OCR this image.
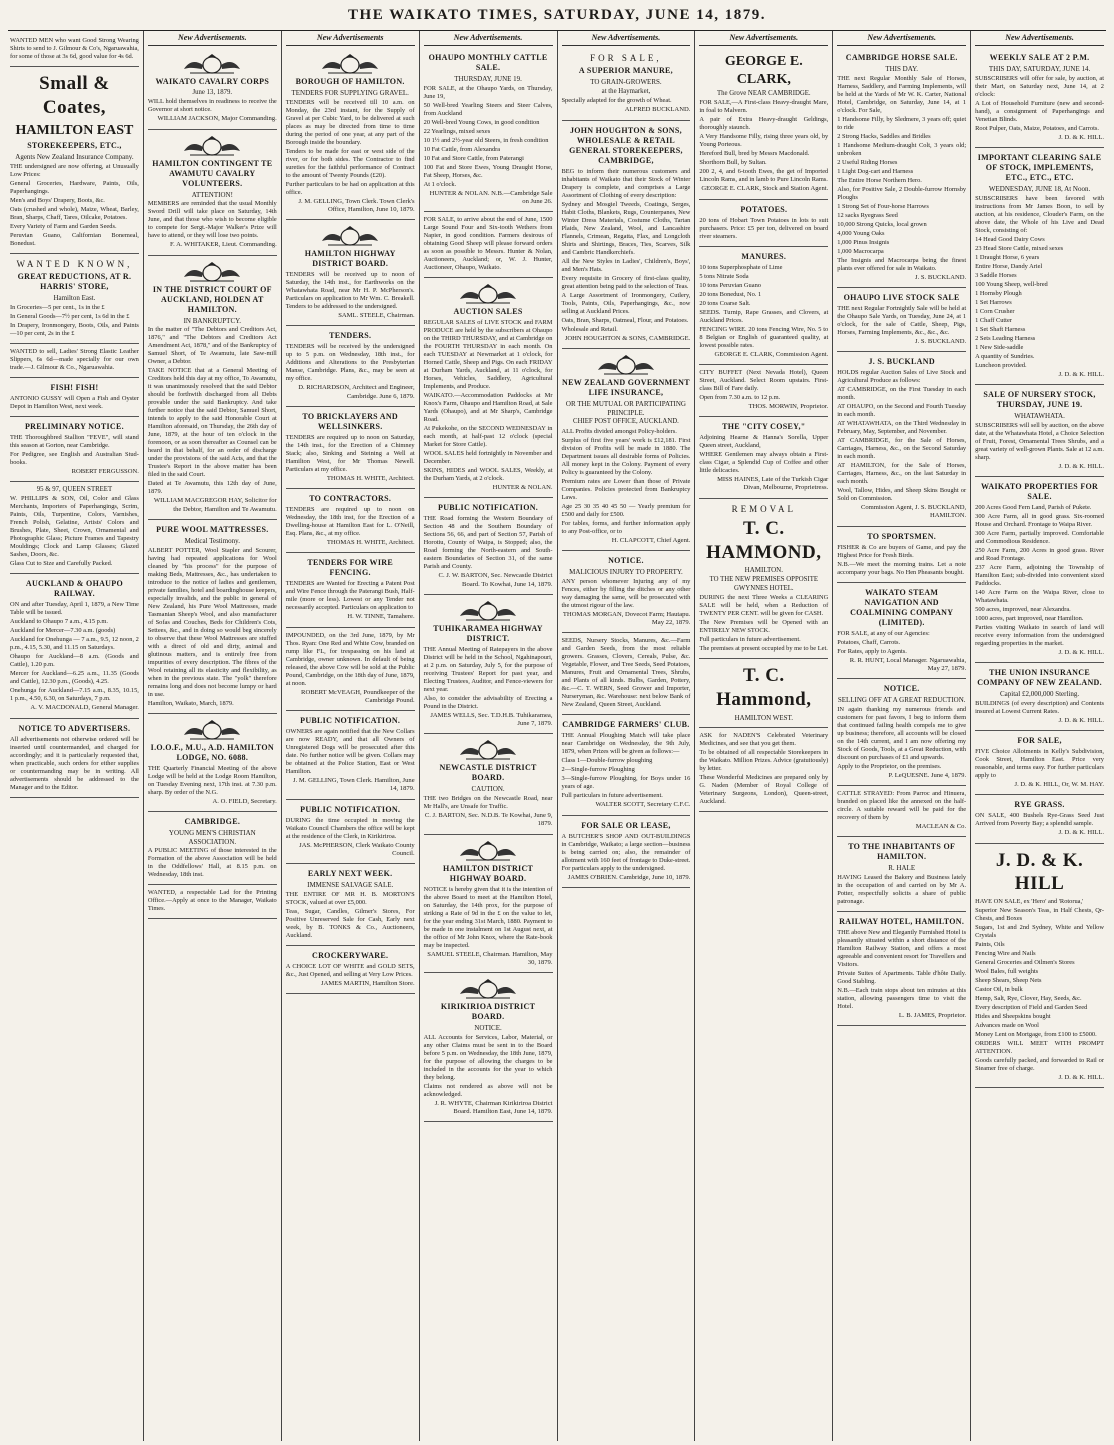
THE WAIKATO TIMES, SATURDAY, JUNE 14, 1879.

WANTED MEN who want Good Strong Wearing Shirts to send to J. Gilmour & Co's, Ngaruawahia, for some of those at 3s 6d, good value for 4s 6d.

Small & Coates,
HAMILTON EAST
STOREKEEPERS, ETC.,
Agents New Zealand Insurance Company.

THE undersigned are now offering, at Unusually Low Prices:

General Groceries, Hardware, Paints, Oils, Paperhangings.

Men's and Boys' Drapery, Boots, &c.

Oats (crushed and whole), Maize, Wheat, Barley, Bran, Sharps, Chaff, Tares, Oilcake, Potatoes.

Every Variety of Farm and Garden Seeds.

Peruvian Guano, Californian Bonemeal, Bonedust.

WANTED KNOWN,
GREAT REDUCTIONS, AT R. HARRIS' STORE,
Hamilton East.

In Groceries—5 per cent., 1s in the £

In General Goods—7½ per cent, 1s 6d in the £

In Drapery, Ironmongery, Boots, Oils, and Paints—10 per cent, 2s in the £

WANTED to sell, Ladies' Strong Elastic Leather Slippers, 6s 6d—made specially for our own trade.—J. Gilmour & Co., Ngaruawahia.

FISH! FISH!

ANTONIO GUSSY will Open a Fish and Oyster Depot in Hamilton West, next week.

PRELIMINARY NOTICE.

THE Thoroughbred Stallion "FEVE", will stand this season at Gorton, near Cambridge.

For Pedigree, see English and Australian Stud-books.

ROBERT FERGUSSON.
95 & 97, QUEEN STREET

W. PHILLIPS & SON, Oil, Color and Glass Merchants, Importers of Paperhangings, Scrim, Paints, Oils, Turpentine, Colors, Varnishes, French Polish, Gelatine, Artists' Colors and Brushes, Plate, Sheet, Crown, Ornamental and Photographic Glass; Picture Frames and Tapestry Mouldings; Clock and Lamp Glasses; Glazed Sashes, Doors, &c.

Glass Cut to Size and Carefully Packed.

AUCKLAND & OHAUPO RAILWAY.

ON and after Tuesday, April 1, 1879, a New Time Table will be issued.

Auckland to Ohaupo 7 a.m., 4.15 p.m.

Auckland for Mercer—7.30 a.m. (goods)

Auckland for Onehunga — 7 a.m., 9.5, 12 noon, 2 p.m., 4.15, 5.30, and 11.15 on Saturdays.

Ohaupo for Auckland—8 a.m. (Goods and Cattle), 1.20 p.m.

Mercer for Auckland—6.25 a.m., 11.35 (Goods and Cattle), 12.30 p.m., (Goods), 4.25.

Onehunga for Auckland—7.15 a.m., 8.35, 10.15, 1 p.m., 4.50, 6.30, on Saturdays, 7 p.m.

A. V. MACDONALD, General Manager.
NOTICE TO ADVERTISERS.

All advertisements not otherwise ordered will be inserted until countermanded, and charged for accordingly; and it is particularly requested that, when practicable, such orders for either supplies or countermanding may be in writing. All advertisements should be addressed to the Manager and to the Editor.

New Advertisements.
WAIKATO CAVALRY CORPS
June 13, 1879.

WILL hold themselves in readiness to receive the Governor at short notice.

WILLIAM JACKSON, Major Commanding.
HAMILTON CONTINGENT TE AWAMUTU CAVALRY VOLUNTEERS.
ATTENTION!

MEMBERS are reminded that the usual Monthly Sword Drill will take place on Saturday, 14th June, and that those who wish to become eligible to compete for Sergt.-Major Walker's Prize will have to attend, or they will lose two points.

F. A. WHITAKER, Lieut. Commanding.
IN THE DISTRICT COURT OF AUCKLAND, HOLDEN AT HAMILTON.
IN BANKRUPTCY.

In the matter of "The Debtors and Creditors Act, 1876," and "The Debtors and Creditors Act Amendment Act, 1878," and of the Bankruptcy of Samuel Short, of Te Awamutu, late Saw-mill Owner, a Debtor.

TAKE NOTICE that at a General Meeting of Creditors held this day at my office, To Awamutu, it was unanimously resolved that the said Debtor should be forthwith discharged from all Debts provable under the said Bankruptcy. And take further notice that the said Debtor, Samuel Short, intends to apply to the said Honorable Court at Hamilton aforesaid, on Thursday, the 26th day of June, 1879, at the hour of ten o'clock in the forenoon, or as soon thereafter as Counsel can be heard in that behalf, for an order of discharge under the provisions of the said Acts, and that the Trustee's Report in the above matter has been filed in the said Court.

Dated at Te Awamutu, this 12th day of June, 1879.

WILLIAM MACGREGOR HAY, Solicitor for the Debtor, Hamilton and Te Awamutu.
PURE WOOL MATTRESSES.
Medical Testimony.

ALBERT POTTER, Wool Stapler and Scourer, having had repeated applications for Wool cleaned by "his process" for the purpose of making Beds, Mattresses, &c., has undertaken to introduce to the notice of ladies and gentlemen, private families, hotel and boardinghouse keepers, especially invalids, and the public in general of New Zealand, his Pure Wool Mattresses, made Tasmanian Sheep's Wool, and also manufacturer of Sofas and Couches, Beds for Children's Cots, Settees, &c., and in doing so would beg sincerely to observe that these Wool Mattresses are stuffed with a direct of old and dirty, animal and glutinous matters, and is entirely free from impurities of every description. The fibres of the Wool retaining all its elasticity and flexibility, as when in the previous state. The "yolk" therefore remains long and does not become lumpy or hard in use.

Hamilton, Waikato, March, 1879.

I.O.O.F., M.U., A.D. HAMILTON LODGE, NO. 6088.

THE Quarterly Financial Meeting of the above Lodge will be held at the Lodge Room Hamilton, on Tuesday Evening next, 17th inst. at 7.30 p.m. sharp. By order of the N.G.

A. O. FIELD, Secretary.
CAMBRIDGE.
YOUNG MEN'S CHRISTIAN ASSOCIATION.

A PUBLIC MEETING of those interested in the Formation of the above Association will be held in the Oddfellows' Hall, at 8.15 p.m. on Wednesday, 18th inst.

WANTED, a respectable Lad for the Printing Office.—Apply at once to the Manager, Waikato Times.

New Advertisements
BOROUGH OF HAMILTON.
TENDERS FOR SUPPLYING GRAVEL.

TENDERS will be received till 10 a.m. on Monday, the 23rd instant, for the Supply of Gravel at per Cubic Yard, to be delivered at such places as may be directed from time to time during the period of one year, at any part of the Borough inside the boundary.

Tenders to be made for east or west side of the river, or for both sides. The Contractor to find sureties for the faithful performance of Contract to the amount of Twenty Pounds (£20).

Further particulars to be had on application at this office.

J. M. GELLING, Town Clerk. Town Clerk's Office, Hamilton, June 10, 1879.
HAMILTON HIGHWAY DISTRICT BOARD.

TENDERS will be received up to noon of Saturday, the 14th inst., for Earthworks on the Whatawhata Road, near Mr H. P. McPherson's. Particulars on application to Mr Wm. C. Breakell. Tenders to be addressed to the undersigned.

SAML. STEELE, Chairman.
TENDERS.

TENDERS will be received by the undersigned up to 5 p.m. on Wednesday, 18th inst., for Additions and Alterations to the Presbyterian Manse, Cambridge. Plans, &c., may be seen at my office.

D. RICHARDSON, Architect and Engineer, Cambridge. June 6, 1879.
TO BRICKLAYERS AND WELLSINKERS.

TENDERS are required up to noon on Saturday, the 14th inst., for the Erection of a Chimney Stack; also, Sinking and Steining a Well at Hamilton West, for Mr Thomas Newell. Particulars at my office.

THOMAS H. WHITE, Architect.
TO CONTRACTORS.

TENDERS are required up to noon on Wednesday, the 18th inst, for the Erection of a Dwelling-house at Hamilton East for L. O'Neill, Esq. Plans, &c., at my office.

THOMAS H. WHITE, Architect.
TENDERS FOR WIRE FENCING.

TENDERS are Wanted for Erecting a Patent Post and Wire Fence through the Paterangi Bush, Half-mile (more or less). Lowest or any Tender not necessarily accepted. Particulars on application to

H. W. TINNE, Tamahere.

IMPOUNDED, on the 3rd June, 1879, by Mr Thos. Ryan: One Red and White Cow, branded on rump like FL, for trespassing on his land at Cambridge, owner unknown. In default of being released, the above Cow will be sold at the Public Pound, Cambridge, on the 18th day of June, 1879, at noon.

ROBERT McVEAGH, Poundkeeper of the Cambridge Pound.
PUBLIC NOTIFICATION.

OWNERS are again notified that the New Collars are now READY, and that all Owners of Unregistered Dogs will be prosecuted after this date. No further notice will be given. Collars may be obtained at the Police Station, East or West Hamilton.

J. M. GELLING, Town Clerk. Hamilton, June 14, 1879.
PUBLIC NOTIFICATION.

DURING the time occupied in moving the Waikato Council Chambers the office will be kept at the residence of the Clerk, in Kirikiriroa.

JAS. McPHERSON, Clerk Waikato County Council.
EARLY NEXT WEEK.
IMMENSE SALVAGE SALE.

THE ENTIRE OF MR H. B. MORTON'S STOCK, valued at over £5,000.

Teas, Sugar, Candles, Gilmer's Stores, For Positive Unreserved Sale for Cash, Early next week, by B. TONKS & Co., Auctioneers, Auckland.

CROCKERYWARE.

A CHOICE LOT OF WHITE and GOLD SETS, &c., Just Opened, and selling at Very Low Prices.

JAMES MARTIN, Hamilton Store.
New Advertisements.
OHAUPO MONTHLY CATTLE SALE.
THURSDAY, JUNE 19.

FOR SALE, at the Ohaupo Yards, on Thursday, June 19,

50 Well-bred Yearling Steers and Steer Calves, from Auckland

20 Well-bred Young Cows, in good condition

22 Yearlings, mixed sexes

10 1½ and 2½-year old Steers, in fresh condition

10 Fat Cattle, from Alexandra

10 Fat and Store Cattle, from Paterangi

100 Fat and Store Ewes, Young Draught Horse, Fat Sheep, Horses, &c.

At 1 o'clock.

HUNTER & NOLAN. N.B.—Cambridge Sale on June 26.

FOR SALE, to arrive about the end of June, 1500 Large Sound Four and Six-tooth Wethers from Napier, in good condition. Farmers desirous of obtaining Good Sheep will please forward orders as soon as possible to Messrs. Hunter & Nolan, Auctioneers, Auckland; or, W. J. Hunter, Auctioneer, Ohaupo, Waikato.

AUCTION SALES

REGULAR SALES of LIVE STOCK and FARM PRODUCE are held by the subscribers at Ohaupo on the THIRD THURSDAY, and at Cambridge on the FOURTH THURSDAY in each month. On each TUESDAY at Newmarket at 1 o'clock, for Horned Cattle, Sheep and Pigs. On each FRIDAY at Durham Yards, Auckland, at 11 o'clock, for Horses, Vehicles, Saddlery, Agricultural Implements, and Produce.

WAIKATO.—Accommodation Paddocks at Mr Knox's Farm, Ohaupo and Hamilton Road, at Sale Yards (Ohaupo), and at Mr Sharp's, Cambridge Road.

At Pukekohe, on the SECOND WEDNESDAY in each month, at half-past 12 o'clock (special Market for Store Cattle).

WOOL SALES held fortnightly in November and December.

SKINS, HIDES and WOOL SALES, Weekly, at the Durham Yards, at 2 o'clock.

HUNTER & NOLAN.
PUBLIC NOTIFICATION.

THE Road forming the Western Boundary of Section 48 and the Southern Boundary of Sections 56, 66, and part of Section 57, Parish of Horotiu, County of Waipa, is Stopped; also, the Road forming the North-eastern and South-eastern Boundaries of Section 31, of the same Parish and County.

C. J. W. BARTON, Sec. Newcastle District Board. To Kowhai, June 14, 1879.
TUHIKARAMEA HIGHWAY DISTRICT.

THE Annual Meeting of Ratepayers in the above District will be held in the School, Ngahinapouri, at 2 p.m. on Saturday, July 5, for the purpose of receiving Trustees' Report for past year, and Electing Trustees, Auditor, and Fence-viewers for next year.

Also, to consider the advisability of Erecting a Pound in the District.

JAMES WELLS, Sec. T.D.H.B. Tuhikaramea, June 7, 1879.
NEWCASTLE DISTRICT BOARD.
CAUTION.

THE two Bridges on the Newcastle Road, near Mr Hall's, are Unsafe for Traffic.

C. J. BARTON, Sec. N.D.B. Te Kowhai, June 9, 1879.
HAMILTON DISTRICT HIGHWAY BOARD.

NOTICE is hereby given that it is the intention of the above Board to meet at the Hamilton Hotel, on Saturday, the 14th prox, for the purpose of striking a Rate of 9d in the £ on the value to let, for the year ending 31st March, 1880. Payment to be made in one instalment on 1st August next, at the office of Mr John Knox, where the Rate-book may be inspected.

SAMUEL STEELE, Chairman. Hamilton, May 30, 1879.
KIRIKIRIOA DISTRICT BOARD.
NOTICE.

ALL Accounts for Services, Labor, Material, or any other Claims must be sent in to the Board before 5 p.m. on Wednesday, the 18th June, 1879, for the purpose of allowing the charges to be included in the accounts for the year to which they belong.

Claims not rendered as above will not be acknowledged.

J. R. WHYTE, Chairman Kirikiriroa District Board. Hamilton East, June 14, 1879.
New Advertisements.
FOR SALE,
A SUPERIOR MANURE,
TO GRAIN-GROWERS.
at the Haymarket,

Specially adapted for the growth of Wheat.

ALFRED BUCKLAND.
JOHN HOUGHTON & SONS, WHOLESALE & RETAIL GENERAL STOREKEEPERS, CAMBRIDGE,

BEG to inform their numerous customers and inhabitants of Waikato that their Stock of Winter Drapery is complete, and comprises a Large Assortment of Clothing of every description:

Sydney and Mosgiel Tweeds, Coatings, Serges, Habit Cloths, Blankets, Rugs, Counterpanes, New Winter Dress Materials, Costume Cloths, Tartan Plaids, New Zealand, Wool, and Lancashire Flannels, Crimean, Regatta, Flax, and Longcloth Shirts and Shirtings, Braces, Ties, Scarves, Silk and Cambric Handkerchiefs.

All the New Styles in Ladies', Children's, Boys', and Men's Hats.

Every requisite in Grocery of first-class quality, great attention being paid to the selection of Teas.

A Large Assortment of Ironmongery, Cutlery, Tools, Paints, Oils, Paperhangings, &c., now selling at Auckland Prices.

Oats, Bran, Sharps, Oatmeal, Flour, and Potatoes.

Wholesale and Retail.

JOHN HOUGHTON & SONS, CAMBRIDGE.
NEW ZEALAND GOVERNMENT LIFE INSURANCE,
OR THE MUTUAL OR PARTICIPATING PRINCIPLE.
CHIEF POST OFFICE, AUCKLAND.

ALL Profits divided amongst Policy-holders.

Surplus of first five years' work is £12,181. First division of Profits will be made in 1880. The Department issues all desirable forms of Policies. All money kept in the Colony. Payment of every Policy is guaranteed by the Colony.

Premium rates are Lower than those of Private Companies. Policies protected from Bankruptcy Laws.

Age 25 30 35 40 45 50 — Yearly premium for £500 and daily for £500.

For tables, forms, and further information apply to any Post-office, or to

H. CLAPCOTT, Chief Agent.
NOTICE.
MALICIOUS INJURY TO PROPERTY.

ANY person whomever Injuring any of my Fences, either by filling the ditches or any other way damaging the same, will be prosecuted with the utmost rigour of the law.

THOMAS MORGAN, Dovecot Farm; Hautapu. May 22, 1879.

SEEDS, Nursery Stocks, Manures, &c.—Farm and Garden Seeds, from the most reliable growers. Grasses, Clovers, Cereals, Pulse, &c. Vegetable, Flower, and Tree Seeds, Seed Potatoes, Manures, Fruit and Ornamental Trees, Shrubs, and Plants of all kinds. Bulbs, Garden, Pottery, &c.—C. T. WERN, Seed Grower and Importer, Nurseryman, &c. Warehouse: next below Bank of New Zealand, Queen Street, Auckland.

CAMBRIDGE FARMERS' CLUB.

THE Annual Ploughing Match will take place near Cambridge on Wednesday, the 9th July, 1879, when Prizes will be given as follows:—

Class 1—Double-furrow ploughing

2—Single-furrow Ploughing

3—Single-furrow Ploughing, for Boys under 16 years of age.

Full particulars in future advertisement.

WALTER SCOTT, Secretary C.F.C.
FOR SALE OR LEASE,

A BUTCHER'S SHOP AND OUT-BUILDINGS in Cambridge, Waikato; a large section—business is being carried on; also, the remainder of allotment with 160 feet of frontage to Duke-street. For particulars apply to the undersigned.

JAMES O'BRIEN. Cambridge, June 10, 1879.
New Advertisements.
GEORGE E. CLARK,
The Grove NEAR CAMBRIDGE.

FOR SALE,—A First-class Heavy-draught Mare, in foal to Malvern.

A pair of Extra Heavy-draught Geldings, thoroughly staunch.

A Very Handsome Filly, rising three years old, by Young Porteous.

Hereford Bull, bred by Messrs Macdonald.

Shorthorn Bull, by Sultan.

200 2, 4, and 6-tooth Ewes, the get of Imported Lincoln Rams, and in lamb to Pure Lincoln Rams.

GEORGE E. CLARK, Stock and Station Agent.
POTATOES.

20 tons of Hobart Town Potatoes in lots to suit purchasers. Price: £5 per ton, delivered on board river steamers.

MANURES.

10 tons Superphosphate of Lime

5 tons Nitrate Soda

10 tons Peruvian Guano

20 tons Bonedust, No. 1

20 tons Coarse Salt.

SEEDS. Turnip, Rape Grasses, and Clovers, at Auckland Prices.

FENCING WIRE. 20 tons Fencing Wire, No. 5 to 8 Belgian or English of guaranteed quality, at lowest possible rates.

GEORGE E. CLARK, Commission Agent.

CITY BUFFET (Next Nevada Hotel), Queen Street, Auckland. Select Room upstairs. First-class Bill of Fare daily.

Open from 7.30 a.m. to 12 p.m.

THOS. MORWIN, Proprietor.
THE "CITY COSEY,"

Adjoining Hearne & Hanna's Sorella, Upper Queen street, Auckland,

WHERE Gentlemen may always obtain a First-class Cigar, a Splendid Cup of Coffee and other little delicacies.

MISS HAINES, Late of the Turkish Cigar Divan, Melbourne, Proprietress.
REMOVAL
T. C. HAMMOND,
HAMILTON.
TO THE NEW PREMISES OPPOSITE GWYNNES HOTEL.

DURING the next Three Weeks a CLEARING SALE will be held, when a Reduction of TWENTY PER CENT. will be given for CASH.

The New Premises will be Opened with an ENTIRELY NEW STOCK.

Full particulars in future advertisement.

The premises at present occupied by me to be Let.

T. C. Hammond,
HAMILTON WEST.

ASK for NADEN'S Celebrated Veterinary Medicines, and see that you get them.

To be obtained of all respectable Storekeepers in the Waikato. Million Prizes. Advice (gratuitously) by letter.

These Wonderful Medicines are prepared only by G. Naden (Member of Royal College of Veterinary Surgeons, London), Queen-street, Auckland.

New Advertisements.
CAMBRIDGE HORSE SALE.
THIS DAY.

THE next Regular Monthly Sale of Horses, Harness, Saddlery, and Farming Implements, will be held at the Yards of Mr W. K. Carter, National Hotel, Cambridge, on Saturday, June 14, at 1 o'clock. For Sale,

1 Handsome Filly, by Sledmere, 3 years off; quiet to ride

2 Strong Hacks, Saddles and Bridles

1 Handsome Medium-draught Colt, 3 years old; unbroken

2 Useful Riding Horses

1 Light Dog-cart and Harness

The Entire Horse Northern Hero.

Also, for Positive Sale, 2 Double-furrow Hornsby Ploughs

1 Strong Set of Four-horse Harrows

12 sacks Ryegrass Seed

10,000 Strong Quicks, local grown

4,000 Young Oaks

1,000 Pinus Insignis

1,000 Macrocarpa

The Insignis and Macrocarpa being the finest plants ever offered for sale in Waikato.

J. S. BUCKLAND.
OHAUPO LIVE STOCK SALE

THE next Regular Fortnightly Sale will be held at the Ohaupo Sale Yards, on Tuesday, June 24, at 1 o'clock, for the sale of Cattle, Sheep, Pigs, Horses, Farming Implements, &c., &c., &c.

J. S. BUCKLAND.
J. S. BUCKLAND

HOLDS regular Auction Sales of Live Stock and Agricultural Produce as follows:

AT CAMBRIDGE, on the First Tuesday in each month.

AT OHAUPO, on the Second and Fourth Tuesday in each month.

AT WHATAWHATA, on the Third Wednesday in February, May, September, and November.

AT CAMBRIDGE, for the Sale of Horses, Carriages, Harness, &c., on the Second Saturday in each month.

AT HAMILTON, for the Sale of Horses, Carriages, Harness, &c., on the last Saturday in each month.

Wool, Tallow, Hides, and Sheep Skins Bought or Sold on Commission.

Commission Agent, J. S. BUCKLAND, HAMILTON.
TO SPORTSMEN.

FISHER & Co are buyers of Game, and pay the Highest Price for Fresh Birds.

N.B.—We meet the morning trains. Let a note accompany your bags. No Hen Pheasants bought.

WAIKATO STEAM NAVIGATION AND COALMINING COMPANY (LIMITED).

FOR SALE, at any of our Agencies:

Potatoes, Chaff, Carrots.

For Rates, apply to Agents.

R. R. HUNT, Local Manager. Ngaruawahia, May 27, 1879.
NOTICE.
SELLING OFF AT A GREAT REDUCTION.

IN again thanking my numerous friends and customers for past favors, I beg to inform them that continued failing health compels me to give up business; therefore, all accounts will be closed on the 14th current, and I am now offering my Stock of Goods, Tools, at a Great Reduction, with discount on purchases of £1 and upwards.

Apply to the Proprietor, on the premises.

P. LeQUESNE. June 4, 1879.

CATTLE STRAYED: From Parroc and Hinuera, branded on placed like the annexed on the half-circle. A suitable reward will be paid for the recovery of them by

MACLEAN & Co.
TO THE INHABITANTS OF HAMILTON.
R. HALE

HAVING Leased the Bakery and Business lately in the occupation of and carried on by Mr A. Potter, respectfully solicits a share of public patronage.

RAILWAY HOTEL, HAMILTON.

THE above New and Elegantly Furnished Hotel is pleasantly situated within a short distance of the Hamilton Railway Station, and offers a most agreeable and convenient resort for Travellers and Visitors.

Private Suites of Apartments. Table d'hôte Daily. Good Stabling.

N.B.—Each train stops about ten minutes at this station, allowing passengers time to visit the Hotel.

L. B. JAMES, Proprietor.
New Advertisements.
WEEKLY SALE AT 2 P.M.
THIS DAY, SATURDAY, JUNE 14.

SUBSCRIBERS will offer for sale, by auction, at their Mart, on Saturday next, June 14, at 2 o'clock:

A Lot of Household Furniture (new and second-hand), a consignment of Paperhangings and Venetian Blinds.

Root Pulper, Oats, Maize, Potatoes, and Carrots.

J. D. & K. HILL.
IMPORTANT CLEARING SALE OF STOCK, IMPLEMENTS, ETC., ETC., ETC.
WEDNESDAY, JUNE 18, At Noon.

SUBSCRIBERS have been favored with instructions from Mr James Boon, to sell by auction, at his residence, Clouder's Farm, on the above date, the Whole of his Live and Dead Stock, consisting of:

14 Head Good Dairy Cows

23 Head Store Cattle, mixed sexes

1 Draught Horse, 6 years

Entire Horse, Dandy Ariel

3 Saddle Horses

100 Young Sheep, well-bred

1 Hornsby Plough

1 Set Harrows

1 Corn Crusher

1 Chaff Cutter

1 Set Shaft Harness

2 Sets Leading Harness

1 New Side-saddle

A quantity of Sundries.

Luncheon provided.

J. D. & K. HILL.
SALE OF NURSERY STOCK, THURSDAY, JUNE 19.
WHATAWHATA.

SUBSCRIBERS will sell by auction, on the above date, at the Whatawhata Hotel, a Choice Selection of Fruit, Forest, Ornamental Trees Shrubs, and a great variety of well-grown Plants. Sale at 12 a.m. sharp.

J. D. & K. HILL.
WAIKATO PROPERTIES FOR SALE.

200 Acres Good Fern Land, Parish of Pukete.

300 Acre Farm, all in good grass. Six-roomed House and Orchard. Frontage to Waipa River.

300 Acre Farm, partially improved. Comfortable and Commodious Residence.

250 Acre Farm, 200 Acres in good grass. River and Road Frontage.

237 Acre Farm, adjoining the Township of Hamilton East; sub-divided into convenient sized Paddocks.

140 Acre Farm on the Waipa River, close to Whatawhata.

500 acres, improved, near Alexandra.

1000 acres, part improved, near Hamilton.

Parties visiting Waikato in search of land will receive every information from the undersigned regarding properties in the market.

J. D. & K. HILL.
THE UNION INSURANCE COMPANY OF NEW ZEALAND.
Capital £2,000,000 Sterling.

BUILDINGS (of every description) and Contents insured at Lowest Current Rates.

J. D. & K. HILL.
FOR SALE,

FIVE Choice Allotments in Kelly's Subdivision, Cook Street, Hamilton East. Price very reasonable, and terms easy. For further particulars apply to

J. D. & K. HILL, Or, W. M. HAY.
RYE GRASS.

ON SALE, 400 Bushels Rye-Grass Seed Just Arrived from Poverty Bay; a splendid sample.

J. D. & K. HILL.
J. D. & K. HILL

HAVE ON SALE, ex 'Hero' and 'Rotorua,'

Superior New Season's Teas, in Half Chests, Qr-Chests, and Boxes

Sugars, 1st and 2nd Sydney, White and Yellow Crystals

Paints, Oils

Fencing Wire and Nails

General Groceries and Oilmen's Stores

Wool Bales, full weights

Sheep Shears, Sheep Nets

Castor Oil, in bulk

Hemp, Salt, Rye, Clover, Hay, Seeds, &c.

Every description of Field and Garden Seed

Hides and Sheepskins bought

Advances made on Wool

Money Lent on Mortgage, from £100 to £5000.

ORDERS WILL MEET WITH PROMPT ATTENTION.

Goods carefully packed, and forwarded to Rail or Steamer free of charge.

J. D. & K. HILL.
